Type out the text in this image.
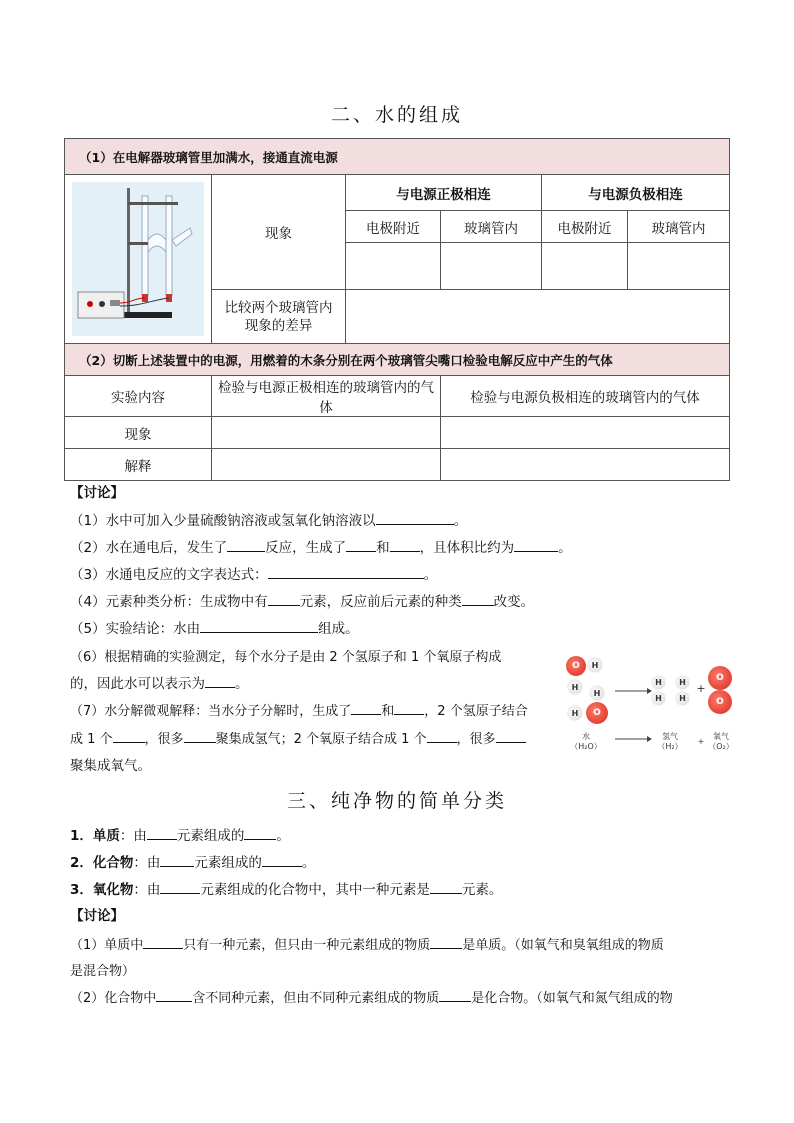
二、水的组成
（1）在电解器玻璃管里加满水，接通直流电源					

	现象	与电源正极相连		与电源负极相连	
		电极附近	玻璃管内	电极附近	玻璃管内

	比较两个玻璃管内现象的差异				
（2）切断上述装置中的电源，用燃着的木条分别在两个玻璃管尖嘴口检验电解反应中产生的气体					
实验内容	检验与电源正极相连的玻璃管内的气体		检验与电源负极相连的玻璃管内的气体		
现象					
解释					
【讨论】
（1）水中可加入少量硫酸钠溶液或氢氧化钠溶液以	。
（2）水在通电后，发生了	反应，生成了 和 ，且体积比约为	。
（3）水通电反应的文字表达式：	。
（4）元素种类分析：生成物中有 元素，反应前后元素的种类 改变。
（5）实验结论：水由	组成。
（6）根据精确的实验测定，每个水分子是由 2 个氢原子和 1 个氧原子构成
的，因此水可以表示为 。
（7）水分解微观解释：当水分子分解时，生成了 和 ，2 个氢原子结合
成 1 个 ，很多 聚集成氢气；2 个氧原子结合成 1 个 ，很多
聚集成氧气。
O	H
H
H
H	O
H
H
H
H
+
O
O
水
（H₂O）
氢气
（H₂）
+
氧气
（O₂）
三、纯净物的简单分类
1．单质：由 元素组成的 。
2．化合物：由	元素组成的	。
3．氧化物：由	元素组成的化合物中，其中一种元素是 元素。
【讨论】
（1）单质中	只有一种元素，但只由一种元素组成的物质 是单质。（如氧气和臭氧组成的物质
是混合物）
（2）化合物中	含不同种元素，但由不同种元素组成的物质 是化合物。（如氧气和氮气组成的物
